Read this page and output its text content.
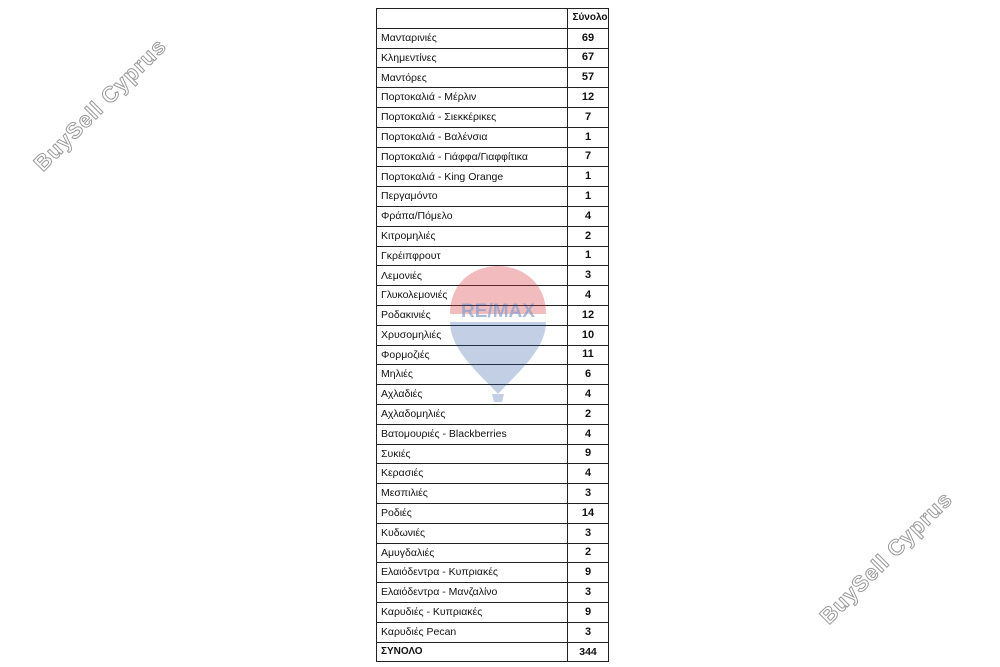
BuySell Cyprus
BuySell Cyprus
	Σύνολο
Μανταρινιές	69
Κλημεντίνες	67
Μαντόρες	57
Πορτοκαλιά - Μέρλιν	12
Πορτοκαλιά - Σιεκκέρικες	7
Πορτοκαλιά - Βαλένσια	1
Πορτοκαλιά - Γιάφφα/Γιαφφίτικα	7
Πορτοκαλιά - King Orange	1
Περγαμόντο	1
Φράπα/Πόμελο	4
Κιτρομηλιές	2
Γκρέιπφρουτ	1
Λεμονιές	3
Γλυκολεμονιές	4
Ροδακινιές	12
Χρυσομηλιές	10
Φορμοζιές	11
Μηλιές	6
Αχλαδιές	4
Αχλαδομηλιές	2
Βατομουριές - Blackberries	4
Συκιές	9
Κερασιές	4
Μεσπιλιές	3
Ροδιές	14
Κυδωνιές	3
Αμυγδαλιές	2
Ελαιόδεντρα - Κυπριακές	9
Ελαιόδεντρα - Μανζαλίνο	3
Καρυδιές - Κυπριακές	9
Καρυδιές Pecan	3
ΣΥΝΟΛΟ	344
RE/MAX
